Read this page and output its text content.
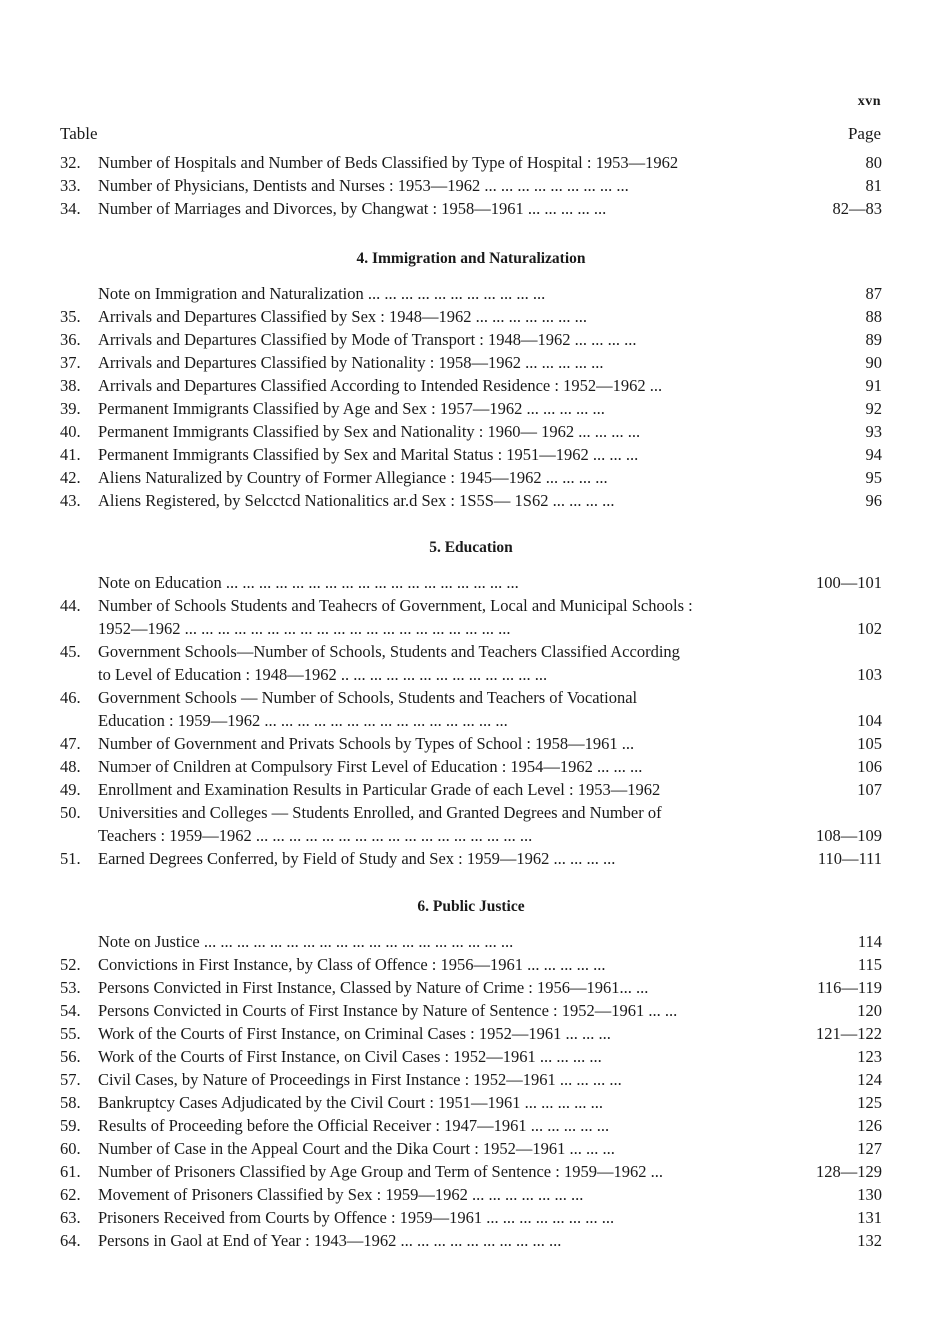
xvn
Table	Page
32.	Number of Hospitals and Number of Beds Classified by Type of Hospital : 1953—1962	80
33.	Number of Physicians, Dentists and Nurses : 1953—1962 ... ... ... ... ... ... ... ... ...	81
34.	Number of Marriages and Divorces, by Changwat : 1958—1961 ... ... ... ... ...	82—83
4. Immigration and Naturalization
Note on Immigration and Naturalization ... ... ... ... ... ... ... ... ... ... ...	87
35.	Arrivals and Departures Classified by Sex : 1948—1962 ... ... ... ... ... ... ...	88
36.	Arrivals and Departures Classified by Mode of Transport : 1948—1962 ... ... ... ...	89
37.	Arrivals and Departures Classified by Nationality : 1958—1962 ... ... ... ... ...	90
38.	Arrivals and Departures Classified According to Intended Residence : 1952—1962 ...	91
39.	Permanent Immigrants Classified by Age and Sex : 1957—1962 ... ... ... ... ...	92
40.	Permanent Immigrants Classified by Sex and Nationality : 1960— 1962 ... ... ... ...	93
41.	Permanent Immigrants Classified by Sex and Marital Status : 1951—1962 ... ... ...	94
42.	Aliens Naturalized by Country of Former Allegiance : 1945—1962 ... ... ... ...	95
43.	Aliens Registered, by Selcctcd Nationalitics ar.d Sex : 1S5S— 1S62 ... ... ... ...	96
5. Education
Note on Education ... ... ... ... ... ... ... ... ... ... ... ... ... ... ... ... ... ...	100—101
44.	Number of Schools Students and Teahecrs of Government, Local and Municipal Schools :
1952—1962 ... ... ... ... ... ... ... ... ... ... ... ... ... ... ... ... ... ... ... ...	102
45.	Government Schools—Number of Schools, Students and Teachers Classified According
to Level of Education : 1948—1962 .. ... ... ... ... ... ... ... ... ... ... ... ...	103
46.	Government Schools — Number of Schools, Students and Teachers of Vocational
Education : 1959—1962 ... ... ... ... ... ... ... ... ... ... ... ... ... ... ...	104
47.	Number of Government and Privats Schools by Types of School : 1958—1961 ...	105
48.	Numɔer of Cnildren at Compulsory First Level of Education : 1954—1962 ... ... ...	106
49.	Enrollment and Examination Results in Particular Grade of each Level : 1953—1962	107
50.	Universities and Colleges — Students Enrolled, and Granted Degrees and Number of
Teachers : 1959—1962 ... ... ... ... ... ... ... ... ... ... ... ... ... ... ... ... ...	108—109
51.	Earned Degrees Conferred, by Field of Study and Sex : 1959—1962 ... ... ... ...	110—111
6. Public Justice
Note on Justice ... ... ... ... ... ... ... ... ... ... ... ... ... ... ... ... ... ... ...	114
52.	Convictions in First Instance, by Class of Offence : 1956—1961 ... ... ... ... ...	115
53.	Persons Convicted in First Instance, Classed by Nature of Crime : 1956—1961... ...	116—119
54.	Persons Convicted in Courts of First Instance by Nature of Sentence : 1952—1961 ... ...	120
55.	Work of the Courts of First Instance, on Criminal Cases : 1952—1961 ... ... ...	121—122
56.	Work of the Courts of First Instance, on Civil Cases : 1952—1961 ... ... ... ...	123
57.	Civil Cases, by Nature of Proceedings in First Instance : 1952—1961 ... ... ... ...	124
58.	Bankruptcy Cases Adjudicated by the Civil Court : 1951—1961 ... ... ... ... ...	125
59.	Results of Proceeding before the Official Receiver : 1947—1961 ... ... ... ... ...	126
60.	Number of Case in the Appeal Court and the Dika Court : 1952—1961 ... ... ...	127
61.	Number of Prisoners Classified by Age Group and Term of Sentence : 1959—1962 ...	128—129
62.	Movement of Prisoners Classified by Sex : 1959—1962 ... ... ... ... ... ... ...	130
63.	Prisoners Received from Courts by Offence : 1959—1961 ... ... ... ... ... ... ... ...	131
64.	Persons in Gaol at End of Year : 1943—1962 ... ... ... ... ... ... ... ... ... ...	132
